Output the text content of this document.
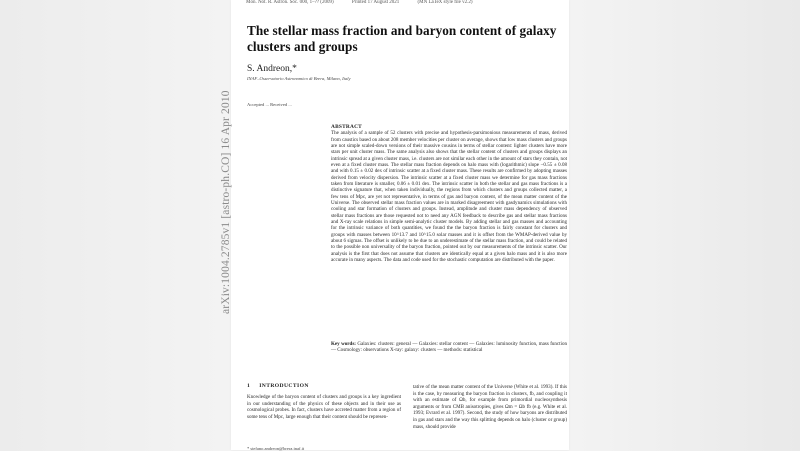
Mon. Not. R. Astron. Soc. 000, 1–?? (2009)	Printed 17 August 2021	(MN LaTeX style file v2.2)
arXiv:1004.2785v1 [astro-ph.CO] 16 Apr 2010
The stellar mass fraction and baryon content of galaxy clusters and groups
S. Andreon,*
INAF–Osservatorio Astronomico di Brera, Milano, Italy
Accepted ... Received ...
ABSTRACT
The analysis of a sample of 52 clusters with precise and hypothesis-parsimonious measurements of mass, derived from caustics based on about 208 member velocities per cluster on average, shows that low mass clusters and groups are not simple scaled-down versions of their massive cousins in terms of stellar content: lighter clusters have more stars per unit cluster mass. The same analysis also shows that the stellar content of clusters and groups displays an intrinsic spread at a given cluster mass, i.e. clusters are not similar each other in the amount of stars they contain, not even at a fixed cluster mass. The stellar mass fraction depends on halo mass with (logarithmic) slope −0.55 ± 0.08 and with 0.15 ± 0.02 dex of intrinsic scatter at a fixed cluster mass. These results are confirmed by adopting masses derived from velocity dispersion. The intrinsic scatter at a fixed cluster mass we determine for gas mass fractions taken from literature is smaller, 0.06 ± 0.01 dex. The intrinsic scatter in both the stellar and gas mass fractions is a distinctive signature that, when taken individually, the regions from which clusters and groups collected matter, a few tens of Mpc, are yet not representative, in terms of gas and baryon content, of the mean matter content of the Universe. The observed stellar mass fraction values are in marked disagreement with gasdynamics simulations with cooling and star formation of clusters and groups. Instead, amplitude and cluster mass dependency of observed stellar mass fractions are those requested not to need any AGN feedback to describe gas and stellar mass fractions and X-ray scale relations in simple semi-analytic cluster models. By adding stellar and gas masses and accounting for the intrinsic variance of both quantities, we found the the baryon fraction is fairly constant for clusters and groups with masses between 10^13.7 and 10^15.0 solar masses and it is offset from the WMAP-derived value by about 6 sigmas. The offset is unlikely to be due to an underestimate of the stellar mass fraction, and could be related to the possible non universality of the baryon fraction, pointed out by our measurements of the intrinsic scatter. Our analysis is the first that does not assume that clusters are identically equal at a given halo mass and it is also more accurate in many aspects. The data and code used for the stochastic computation are distributed with the paper.
Key words: Galaxies: clusters: general — Galaxies: stellar content — Galaxies: luminosity function, mass function — Cosmology: observations X-ray: galaxy: clusters — methods: statistical
1 INTRODUCTION
Knowledge of the baryon content of clusters and groups is a key ingredient in our understanding of the physics of these objects and in their use as cosmological probes. In fact, clusters have accreted matter from a region of some tens of Mpc, large enough that their content should be represen-
tative of the mean matter content of the Universe (White et al. 1993). If this is the case, by measuring the baryon fraction in clusters, fb, and coupling it with an estimate of Ωb, for example from primordial nucleosynthesis arguments or from CMB anisotropies, gives Ωm = Ωb fb (e.g. White et al. 1993; Evrard et al. 1997). Second, the study of how baryons are distributed in gas and stars and the way this splitting depends on halo (cluster or group) mass, should provide
* stefano.andreon@brera.inaf.it
